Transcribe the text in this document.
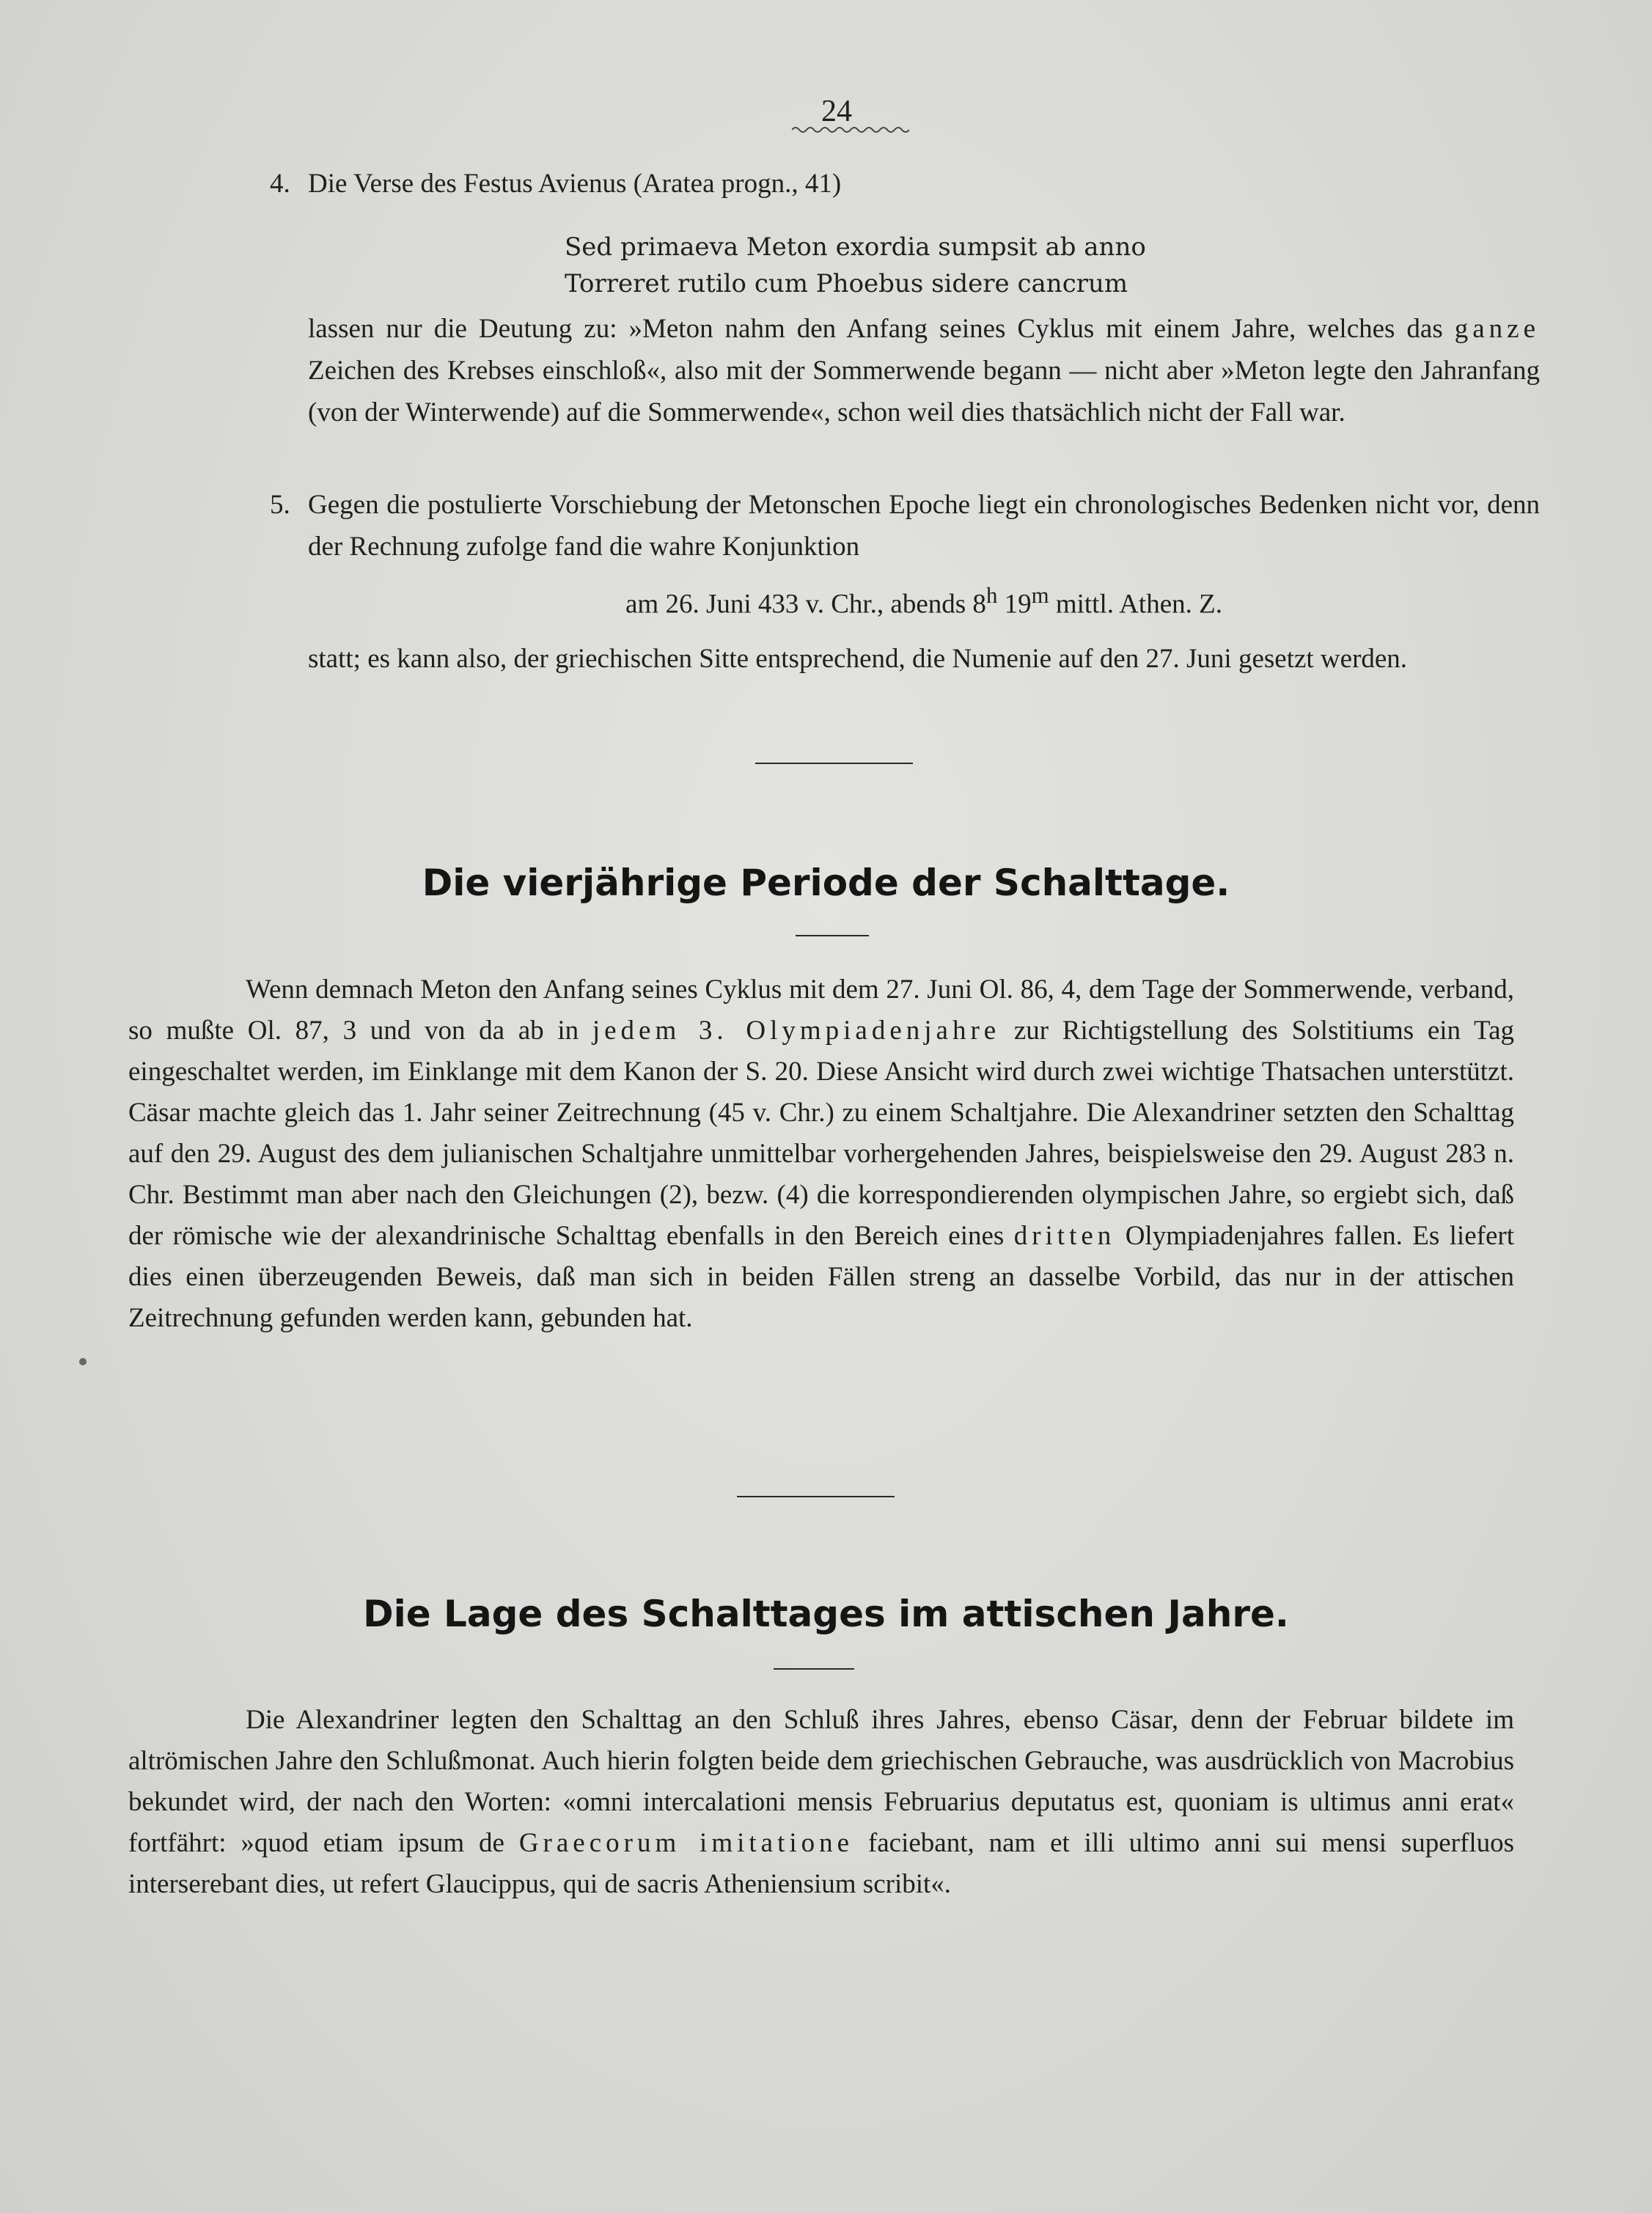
24
4. Die Verse des Festus Avienus (Aratea progn., 41)

Sed primaeva Meton exordia sumpsit ab anno
Torreret rutilo cum Phoebus sidere cancrum

lassen nur die Deutung zu: »Meton nahm den Anfang seines Cyklus mit einem Jahre, welches das ganze Zeichen des Krebses einschloß«, also mit der Sommerwende begann — nicht aber »Meton legte den Jahranfang (von der Winterwende) auf die Sommerwende«, schon weil dies thatsächlich nicht der Fall war.

5. Gegen die postulierte Vorschiebung der Metonschen Epoche liegt ein chronologisches Bedenken nicht vor, denn der Rechnung zufolge fand die wahre Konjunktion

am 26. Juni 433 v. Chr., abends 8$^h$ 19$^m$ mittl. Athen. Z.

statt; es kann also, der griechischen Sitte entsprechend, die Numenie auf den 27. Juni gesetzt werden.

Die vierjährige Periode der Schalttage.

Wenn demnach Meton den Anfang seines Cyklus mit dem 27. Juni Ol. 86, 4, dem Tage der Sommerwende, verband, so mußte Ol. 87, 3 und von da ab in jedem 3. Olympiadenjahre zur Richtigstellung des Solstitiums ein Tag eingeschaltet werden, im Einklange mit dem Kanon der S. 20. Diese Ansicht wird durch zwei wichtige Thatsachen unterstützt. Cäsar machte gleich das 1. Jahr seiner Zeitrechnung (45 v. Chr.) zu einem Schaltjahre. Die Alexandriner setzten den Schalttag auf den 29. August des dem julianischen Schaltjahre unmittelbar vorhergehenden Jahres, beispielsweise den 29. August 283 n. Chr. Bestimmt man aber nach den Gleichungen (2), bezw. (4) die korrespondierenden olympischen Jahre, so ergiebt sich, daß der römische wie der alexandrinische Schalttag ebenfalls in den Bereich eines dritten Olympiadenjahres fallen. Es liefert dies einen überzeugenden Beweis, daß man sich in beiden Fällen streng an dasselbe Vorbild, das nur in der attischen Zeitrechnung gefunden werden kann, gebunden hat.

Die Lage des Schalttages im attischen Jahre.

Die Alexandriner legten den Schalttag an den Schluß ihres Jahres, ebenso Cäsar, denn der Februar bildete im altrömischen Jahre den Schlußmonat. Auch hierin folgten beide dem griechischen Gebrauche, was ausdrücklich von Macrobius bekundet wird, der nach den Worten: «omni intercalationi mensis Februarius deputatus est, quoniam is ultimus anni erat« fortfährt: »quod etiam ipsum de Graecorum imitatione faciebant, nam et illi ultimo anni sui mensi superfluos interserebant dies, ut refert Glaucippus, qui de sacris Atheniensium scribit«.
